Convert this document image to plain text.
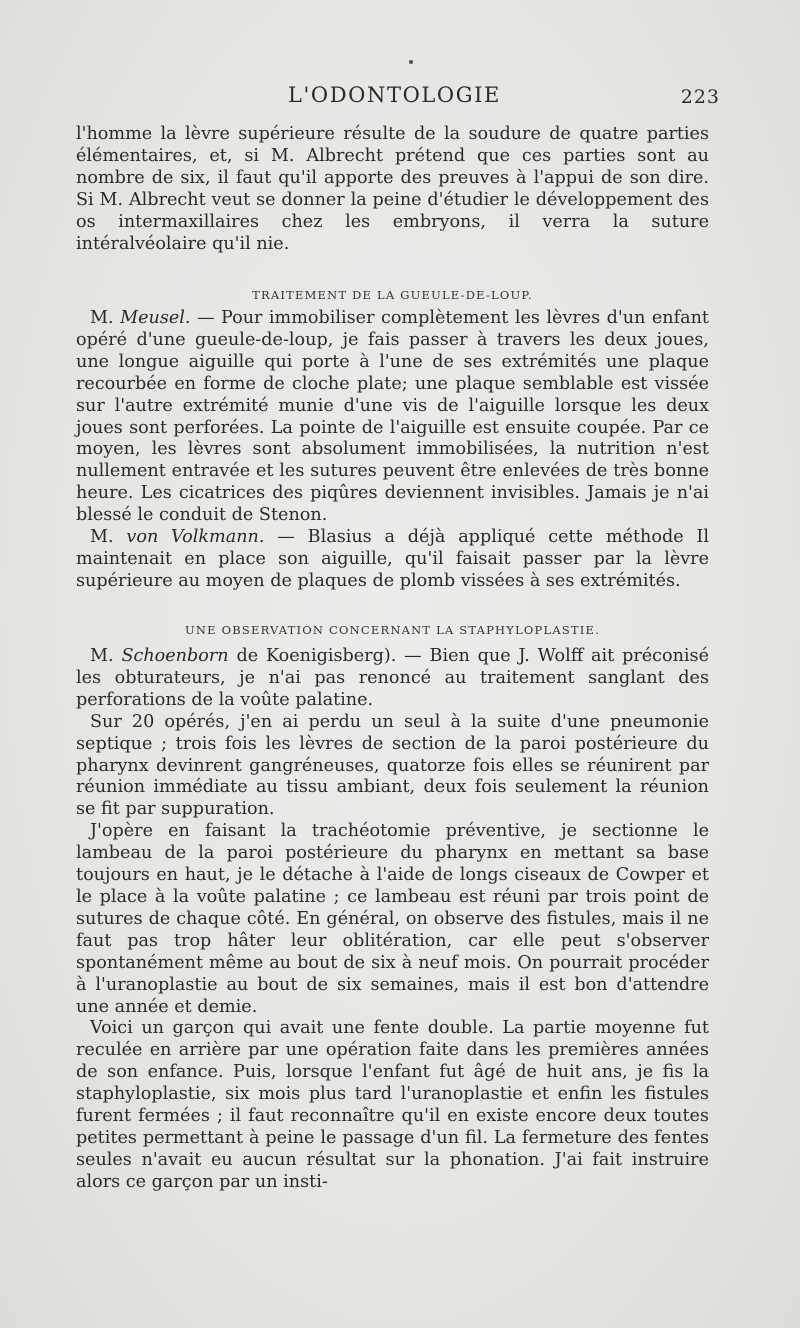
L'ODONTOLOGIE	223

l'homme la lèvre supérieure résulte de la soudure de quatre parties élémentaires, et, si M. Albrecht prétend que ces parties sont au nombre de six, il faut qu'il apporte des preuves à l'appui de son dire. Si M. Albrecht veut se donner la peine d'étudier le développement des os intermaxillaires chez les embryons, il verra la suture intéralvéolaire qu'il nie.

TRAITEMENT DE LA GUEULE-DE-LOUP.

M. Meusel. — Pour immobiliser complètement les lèvres d'un enfant opéré d'une gueule-de-loup, je fais passer à travers les deux joues, une longue aiguille qui porte à l'une de ses extrémités une plaque recourbée en forme de cloche plate; une plaque semblable est vissée sur l'autre extrémité munie d'une vis de l'aiguille lorsque les deux joues sont perforées. La pointe de l'aiguille est ensuite coupée. Par ce moyen, les lèvres sont absolument immobilisées, la nutrition n'est nullement entravée et les sutures peuvent être enlevées de très bonne heure. Les cicatrices des piqûres deviennent invisibles. Jamais je n'ai blessé le conduit de Stenon.

M. von Volkmann. — Blasius a déjà appliqué cette méthode Il maintenait en place son aiguille, qu'il faisait passer par la lèvre supérieure au moyen de plaques de plomb vissées à ses extrémités.

UNE OBSERVATION CONCERNANT LA STAPHYLOPLASTIE.

M. Schoenborn de Koenigisberg). — Bien que J. Wolff ait préconisé les obturateurs, je n'ai pas renoncé au traitement sanglant des perforations de la voûte palatine.

Sur 20 opérés, j'en ai perdu un seul à la suite d'une pneumonie septique ; trois fois les lèvres de section de la paroi postérieure du pharynx devinrent gangréneuses, quatorze fois elles se réunirent par réunion immédiate au tissu ambiant, deux fois seulement la réunion se fit par suppuration.

J'opère en faisant la trachéotomie préventive, je sectionne le lambeau de la paroi postérieure du pharynx en mettant sa base toujours en haut, je le détache à l'aide de longs ciseaux de Cowper et le place à la voûte palatine ; ce lambeau est réuni par trois point de sutures de chaque côté. En général, on observe des fistules, mais il ne faut pas trop hâter leur oblitération, car elle peut s'observer spontanément même au bout de six à neuf mois. On pourrait procéder à l'uranoplastie au bout de six semaines, mais il est bon d'attendre une année et demie.

Voici un garçon qui avait une fente double. La partie moyenne fut reculée en arrière par une opération faite dans les premières années de son enfance. Puis, lorsque l'enfant fut âgé de huit ans, je fis la staphyloplastie, six mois plus tard l'uranoplastie et enfin les fistules furent fermées ; il faut reconnaître qu'il en existe encore deux toutes petites permettant à peine le passage d'un fil. La fermeture des fentes seules n'avait eu aucun résultat sur la phonation. J'ai fait instruire alors ce garçon par un insti-
